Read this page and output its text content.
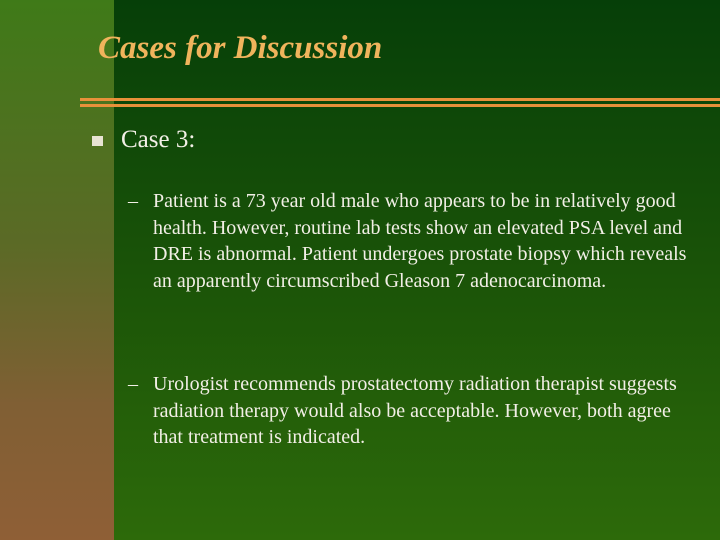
Cases for Discussion
Case 3:
– Patient is a 73 year old male who appears to be in relatively good health. However, routine lab tests show an elevated PSA level and DRE is abnormal. Patient undergoes prostate biopsy which reveals an apparently circumscribed Gleason 7 adenocarcinoma.
– Urologist recommends prostatectomy radiation therapist suggests radiation therapy would also be acceptable. However, both agree that treatment is indicated.
